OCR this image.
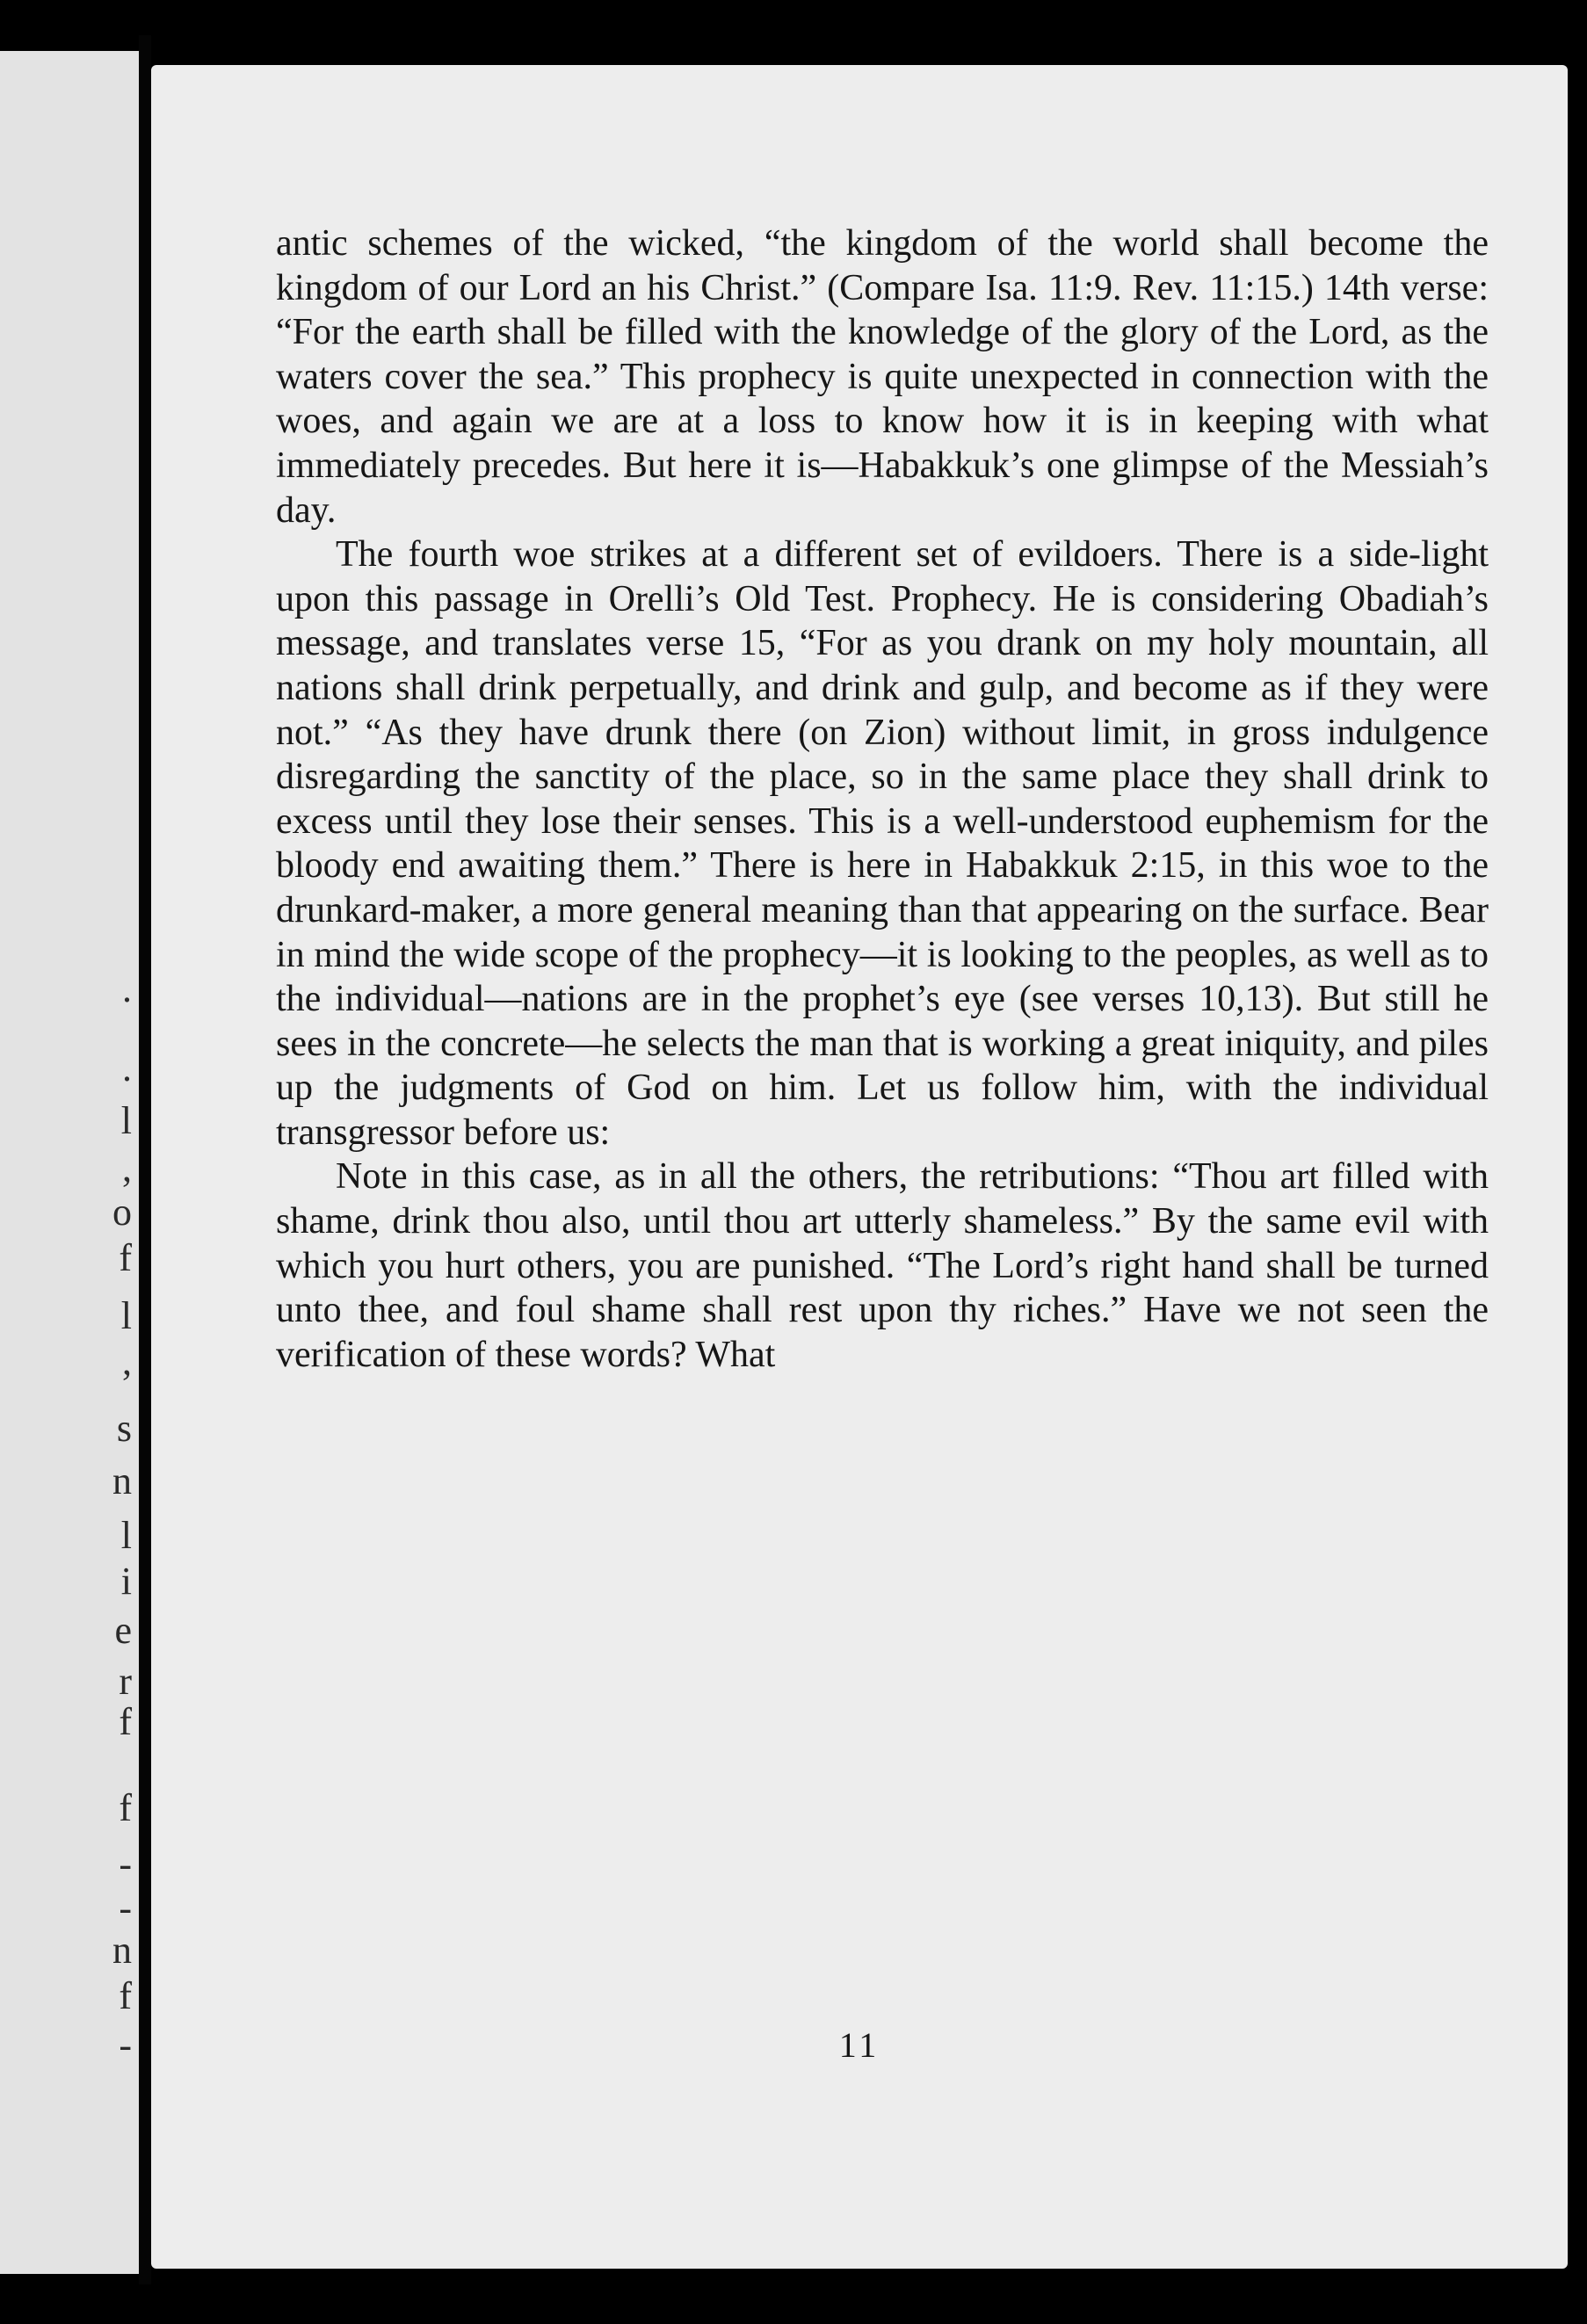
.
.
l
,
o
f
l
,
s
n
l
i
e
r
f
f
-
-
n
f
-

antic schemes of the wicked, “the kingdom of the world shall become the kingdom of our Lord an his Christ.” (Compare Isa. 11:9. Rev. 11:15.) 14th verse: “For the earth shall be filled with the knowledge of the glory of the Lord, as the waters cover the sea.” This prophecy is quite unexpected in connection with the woes, and again we are at a loss to know how it is in keeping with what immediately precedes. But here it is—Habakkuk’s one glimpse of the Messiah’s day.

The fourth woe strikes at a different set of evildoers. There is a side-light upon this passage in Orelli’s Old Test. Prophecy. He is considering Obadiah’s message, and translates verse 15, “For as you drank on my holy mountain, all nations shall drink perpetually, and drink and gulp, and become as if they were not.” “As they have drunk there (on Zion) without limit, in gross indulgence disregarding the sanctity of the place, so in the same place they shall drink to excess until they lose their senses. This is a well-understood euphemism for the bloody end awaiting them.” There is here in Habakkuk 2:15, in this woe to the drunkard-maker, a more general meaning than that appearing on the surface. Bear in mind the wide scope of the prophecy—it is looking to the peoples, as well as to the individual—nations are in the prophet’s eye (see verses 10,13). But still he sees in the concrete—he selects the man that is working a great iniquity, and piles up the judgments of God on him. Let us follow him, with the individual transgressor before us:

Note in this case, as in all the others, the retributions: “Thou art filled with shame, drink thou also, until thou art utterly shameless.” By the same evil with which you hurt others, you are punished. “The Lord’s right hand shall be turned unto thee, and foul shame shall rest upon thy riches.” Have we not seen the verification of these words? What

11
